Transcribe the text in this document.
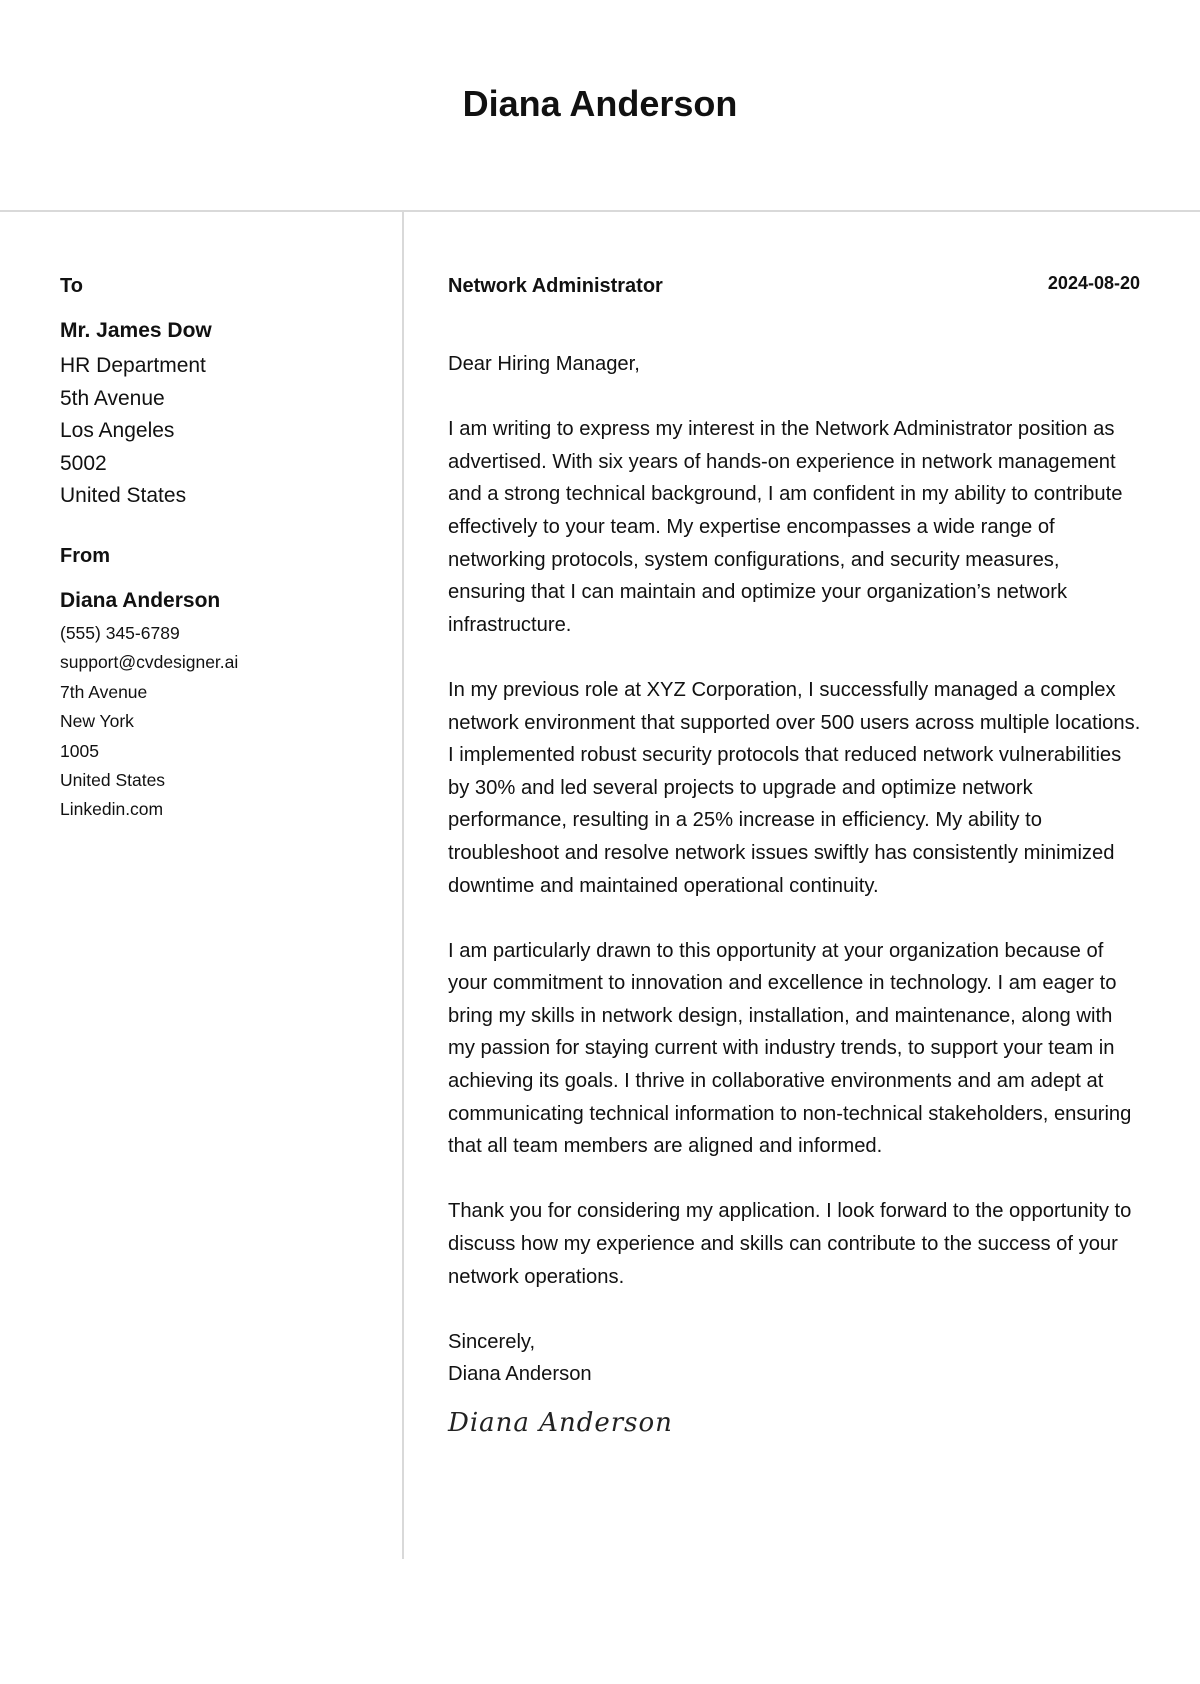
Diana Anderson
To
Mr. James Dow
HR Department
5th Avenue
Los Angeles
5002
United States
From
Diana Anderson
(555) 345-6789
support@cvdesigner.ai
7th Avenue
New York
1005
United States
Linkedin.com
Network Administrator	2024-08-20

Dear Hiring Manager,

I am writing to express my interest in the Network Administrator position as advertised. With six years of hands-on experience in network management and a strong technical background, I am confident in my ability to contribute effectively to your team. My expertise encompasses a wide range of networking protocols, system configurations, and security measures, ensuring that I can maintain and optimize your organization’s network infrastructure.

In my previous role at XYZ Corporation, I successfully managed a complex network environment that supported over 500 users across multiple locations. I implemented robust security protocols that reduced network vulnerabilities by 30% and led several projects to upgrade and optimize network performance, resulting in a 25% increase in efficiency. My ability to troubleshoot and resolve network issues swiftly has consistently minimized downtime and maintained operational continuity.

I am particularly drawn to this opportunity at your organization because of your commitment to innovation and excellence in technology. I am eager to bring my skills in network design, installation, and maintenance, along with my passion for staying current with industry trends, to support your team in achieving its goals. I thrive in collaborative environments and am adept at communicating technical information to non-technical stakeholders, ensuring that all team members are aligned and informed.

Thank you for considering my application. I look forward to the opportunity to discuss how my experience and skills can contribute to the success of your network operations.

Sincerely,
Diana Anderson
Diana Anderson
